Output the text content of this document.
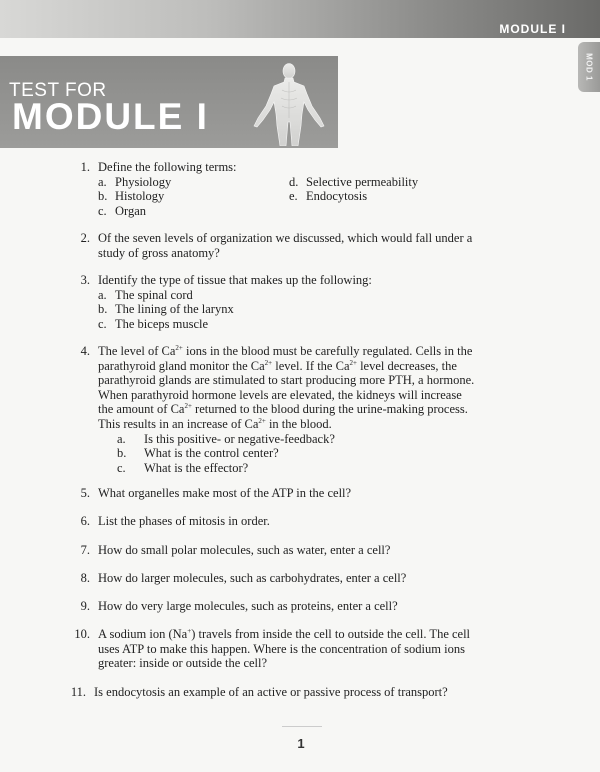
MODULE I
MOD 1
TEST FOR
MODULE I
1. Define the following terms:
a. Physiology
b. Histology
c. Organ
d. Selective permeability
e. Endocytosis
2. Of the seven levels of organization we discussed, which would fall under a study of gross anatomy?
3. Identify the type of tissue that makes up the following:
a. The spinal cord
b. The lining of the larynx
c. The biceps muscle
4. The level of $Ca^{2+}$ ions in the blood must be carefully regulated. Cells in the parathyroid gland monitor the $Ca^{2+}$ level. If the $Ca^{2+}$ level decreases, the parathyroid glands are stimulated to start producing more PTH, a hormone. When parathyroid hormone levels are elevated, the kidneys will increase the amount of $Ca^{2+}$ returned to the blood during the urine-making process. This results in an increase of $Ca^{2+}$ in the blood.
a.	Is this positive- or negative-feedback?
b.	What is the control center?
c.	What is the effector?
5. What organelles make most of the ATP in the cell?
6. List the phases of mitosis in order.
7. How do small polar molecules, such as water, enter a cell?
8. How do larger molecules, such as carbohydrates, enter a cell?
9. How do very large molecules, such as proteins, enter a cell?
10. A sodium ion (Na+) travels from inside the cell to outside the cell. The cell uses ATP to make this happen. Where is the concentration of sodium ions greater: inside or outside the cell?
11. Is endocytosis an example of an active or passive process of transport?
1
